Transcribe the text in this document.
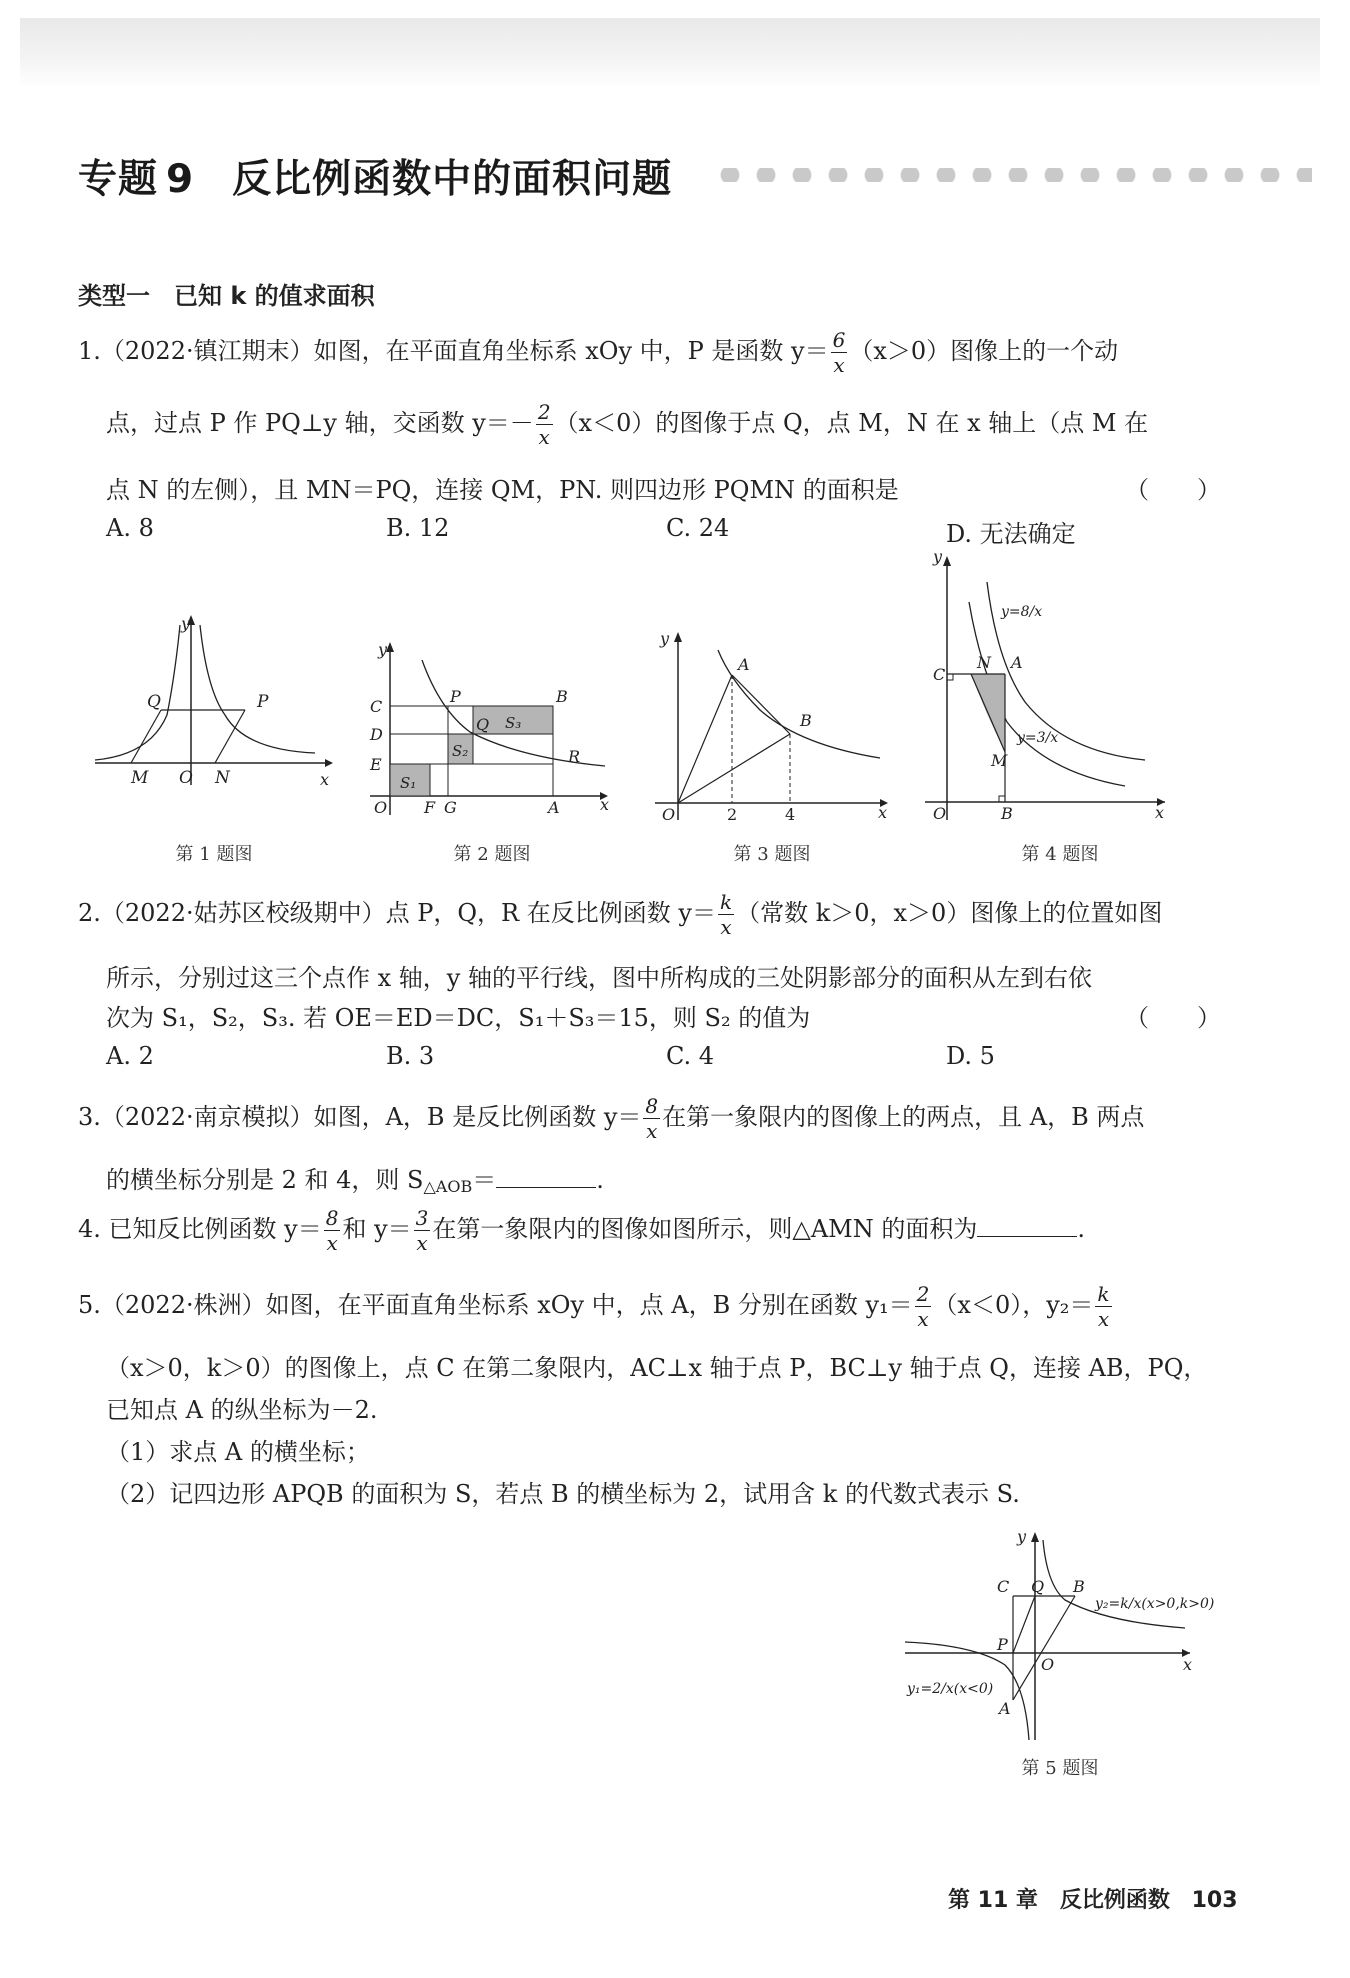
专题 9 反比例函数中的面积问题
类型一　已知 k 的值求面积
1.（2022·镇江期末）如图，在平面直角坐标系 xOy 中，P 是函数 $y= \frac{6}{x} (x>0)$图像上的一个动
点，过点 P 作 PQ⊥y 轴，交函数 $y=- \frac{2}{x} (x<0)$的图像于点 Q，点 M，N 在 x 轴上（点 M 在
点 N 的左侧），且 MN＝PQ，连接 QM，PN. 则四边形 PQMN 的面积是	（　　）
A. 8	B. 12	C. 24	D. 无法确定
y
x
Q	P
M O N
第 1 题图
y
x
C
D
E
P	B
Q S₃
S₂
S₁
R
O F G	A
第 2 题图
y
x
A
B
O	2	4
第 3 题图
y
x
C
N A
M
O	B
y=8/x
y=3/x
第 4 题图
2.（2022·姑苏区校级期中）点 P，Q，R 在反比例函数 $y= \frac{k}{x}$ （常数 k＞0，x＞0）图像上的位置如图
所示，分别过这三个点作 x 轴，y 轴的平行线，图中所构成的三处阴影部分的面积从左到右依
次为 S₁，S₂，S₃. 若 OE＝ED＝DC，S₁＋S₃＝15，则 S₂ 的值为	（　　）
A. 2	B. 3	C. 4	D. 5
3.（2022·南京模拟）如图，A，B 是反比例函数 $y= \frac{8}{x}$ 在第一象限内的图像上的两点，且 A，B 两点
的横坐标分别是 2 和 4，则 $S_{\triangle AOB}=$	.
4. 已知反比例函数 $y= \frac{8}{x}$ 和 $y= \frac{3}{x}$ 在第一象限内的图像如图所示，则△AMN 的面积为	.
5.（2022·株洲）如图，在平面直角坐标系 xOy 中，点 A，B 分别在函数 $y_1= \frac{2}{x} (x<0)$，$y_2= \frac{k}{x}$
（x＞0，k＞0）的图像上，点 C 在第二象限内，AC⊥x 轴于点 P，BC⊥y 轴于点 Q，连接 AB，PQ，
已知点 A 的纵坐标为－2.
（1）求点 A 的横坐标；
（2）记四边形 APQB 的面积为 S，若点 B 的横坐标为 2，试用含 k 的代数式表示 S.
y
x
C Q B
P
O
A
y₂=k/x(x>0,k>0)
y₁=2/x(x<0)
第 5 题图
第 11 章　反比例函数 103
